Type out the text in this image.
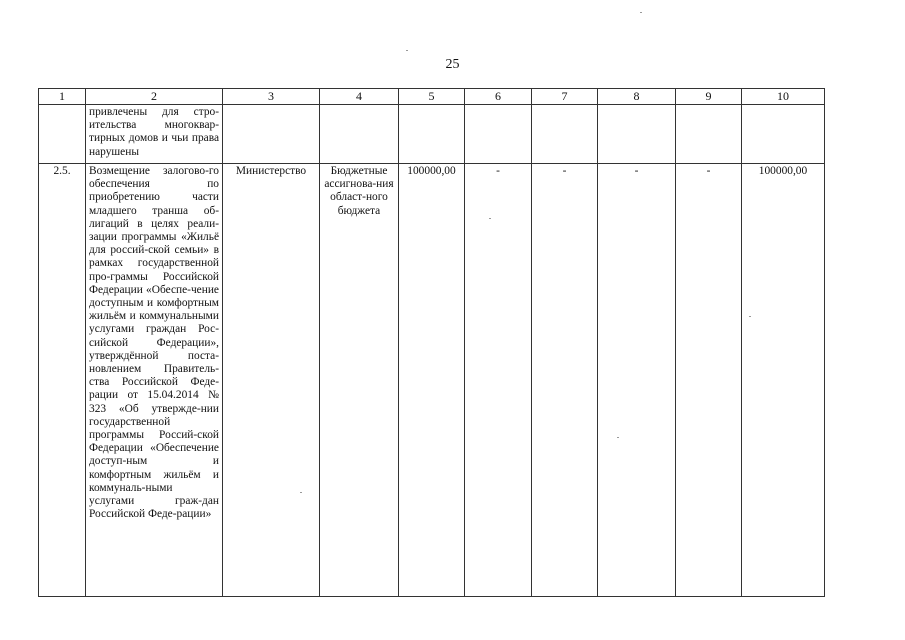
25
1	2	3	4	5	6	7	8	9	10
	привлечены для стро-ительства многоквар-тирных домов и чьи права нарушены								
2.5.	Возмещение залогово-го обеспечения по приобретению части младшего транша об-лигаций в целях реали-зации программы «Жильё для россий-ской семьи» в рамках государственной про-граммы Российской Федерации «Обеспе-чение доступным и комфортным жильём и коммунальными услугами граждан Рос-сийской Федерации», утверждённой поста-новлением Правитель-ства Российской Феде-рации от 15.04.2014 № 323 «Об утвержде-нии государственной программы Россий-ской Федерации «Обеспечение доступ-ным и комфортным жильём и коммуналь-ными услугами граж-дан Российской Феде-рации»	Министерство	Бюджетные ассигнова-ния област-ного бюджета	100000,00	-	-	-	-	100000,00
